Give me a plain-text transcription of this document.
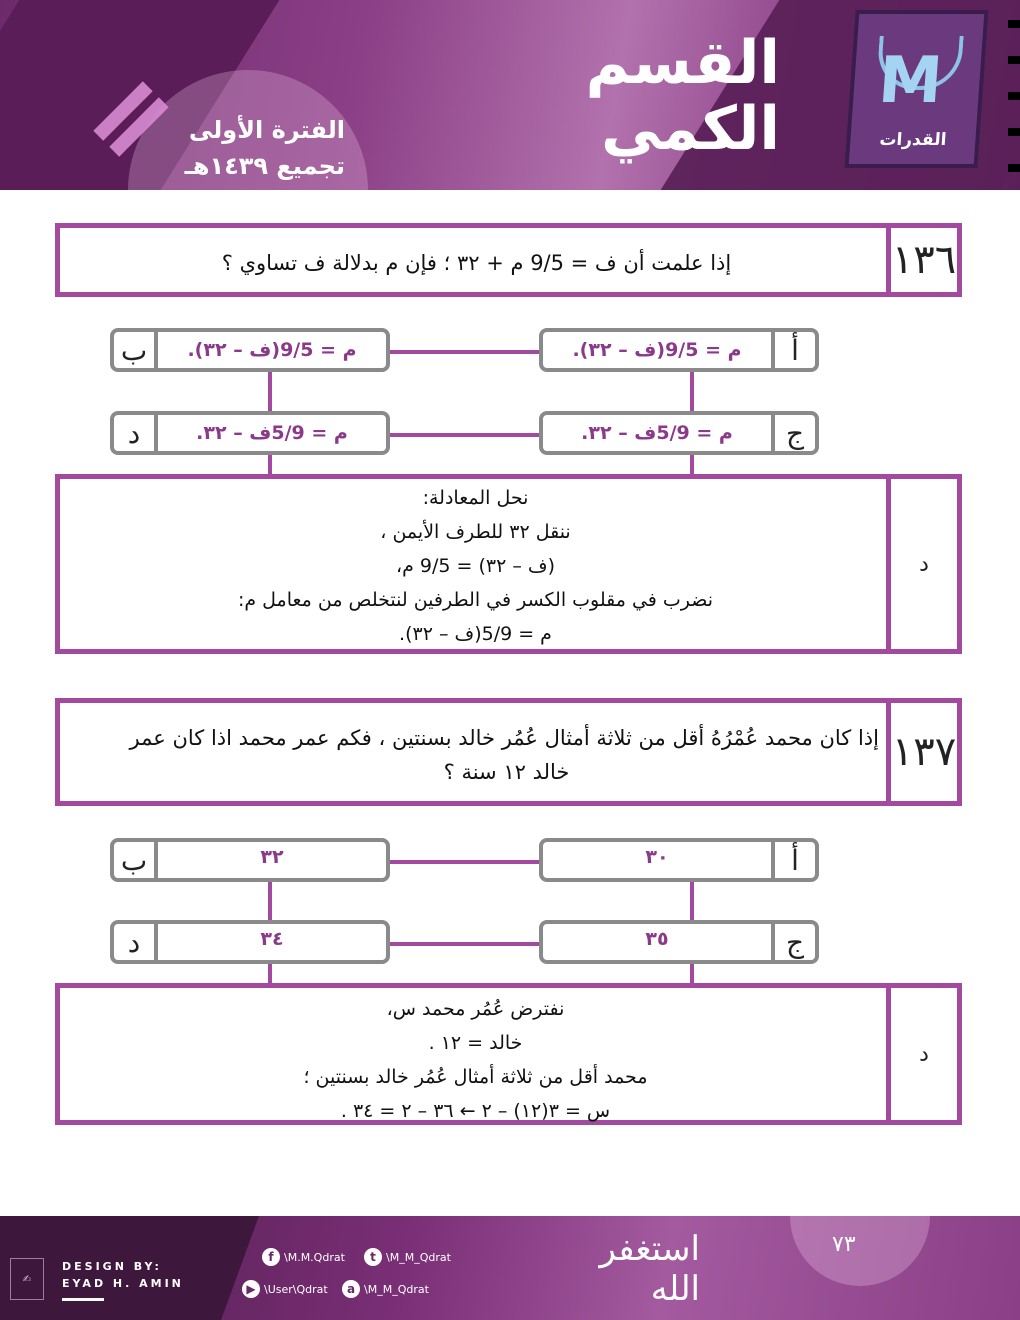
الفترة الأولى
تجميع ١٤٣٩هـ
القسم
الكمي
M
القدرات
١٣٦
إذا علمت أن ف = 9/5 م + ٣٢ ؛ فإن م بدلالة ف تساوي ؟
أ
م = 9/5(ف – ٣٢).
ب	م = 9/5(ف – ٣٢).
ج
م = 5/9ف – ٣٢.
د	م = 5/9ف – ٣٢.
د
نحل المعادلة:
ننقل ٣٢ للطرف الأيمن ،
(ف – ٣٢) = 9/5 م،
نضرب في مقلوب الكسر في الطرفين لنتخلص من معامل م:
م = 5/9(ف – ٣٢).
١٣٧
إذا كان محمد عُمْرُهُ أقل من ثلاثة أمثال عُمُر خالد بسنتين ، فكم عمر محمد اذا كان عمر
خالد ١٢ سنة ؟
أ
٣٠
ب	٣٢
ج
٣٥
د	٣٤
د
نفترض عُمُر محمد س،
خالد = ١٢ .
محمد أقل من ثلاثة أمثال عُمُر خالد بسنتين ؛
س = ٣(١٢) – ٢ ← ٣٦ – ٢ = ٣٤ .
٧٣
✍
DESIGN BY:
EYAD H. AMIN
f \M.M.Qdrat	t \M_M_Qdrat
▶ \User\Qdrat	a \M_M_Qdrat
استغفر الله
